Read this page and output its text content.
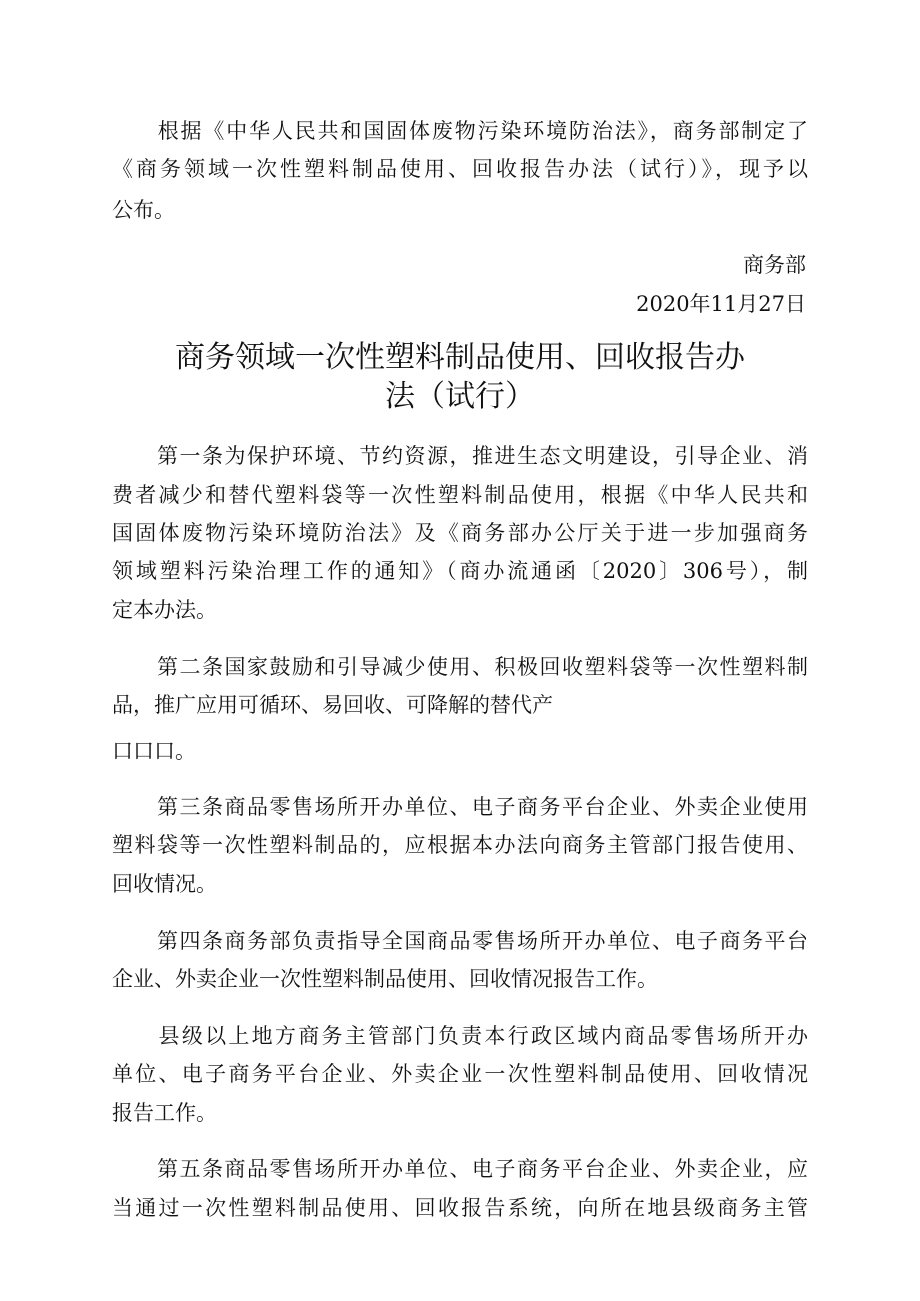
　　根据《中华人民共和国固体废物污染环境防治法》，商务部制定了
《商务领域一次性塑料制品使用、回收报告办法（试行）》，现予以
公布。
商务部
2020年11月27日
商务领域一次性塑料制品使用、回收报告办
法（试行）
　　第一条为保护环境、节约资源，推进生态文明建设，引导企业、消
费者减少和替代塑料袋等一次性塑料制品使用，根据《中华人民共和
国固体废物污染环境防治法》及《商务部办公厅关于进一步加强商务
领域塑料污染治理工作的通知》（商办流通函〔2020〕306号），制
定本办法。
　　第二条国家鼓励和引导减少使用、积极回收塑料袋等一次性塑料制
品，推广应用可循环、易回收、可降解的替代产
口口口。
　　第三条商品零售场所开办单位、电子商务平台企业、外卖企业使用
塑料袋等一次性塑料制品的，应根据本办法向商务主管部门报告使用、
回收情况。
　　第四条商务部负责指导全国商品零售场所开办单位、电子商务平台
企业、外卖企业一次性塑料制品使用、回收情况报告工作。
　　县级以上地方商务主管部门负责本行政区域内商品零售场所开办
单位、电子商务平台企业、外卖企业一次性塑料制品使用、回收情况
报告工作。
　　第五条商品零售场所开办单位、电子商务平台企业、外卖企业，应
当通过一次性塑料制品使用、回收报告系统，向所在地县级商务主管
